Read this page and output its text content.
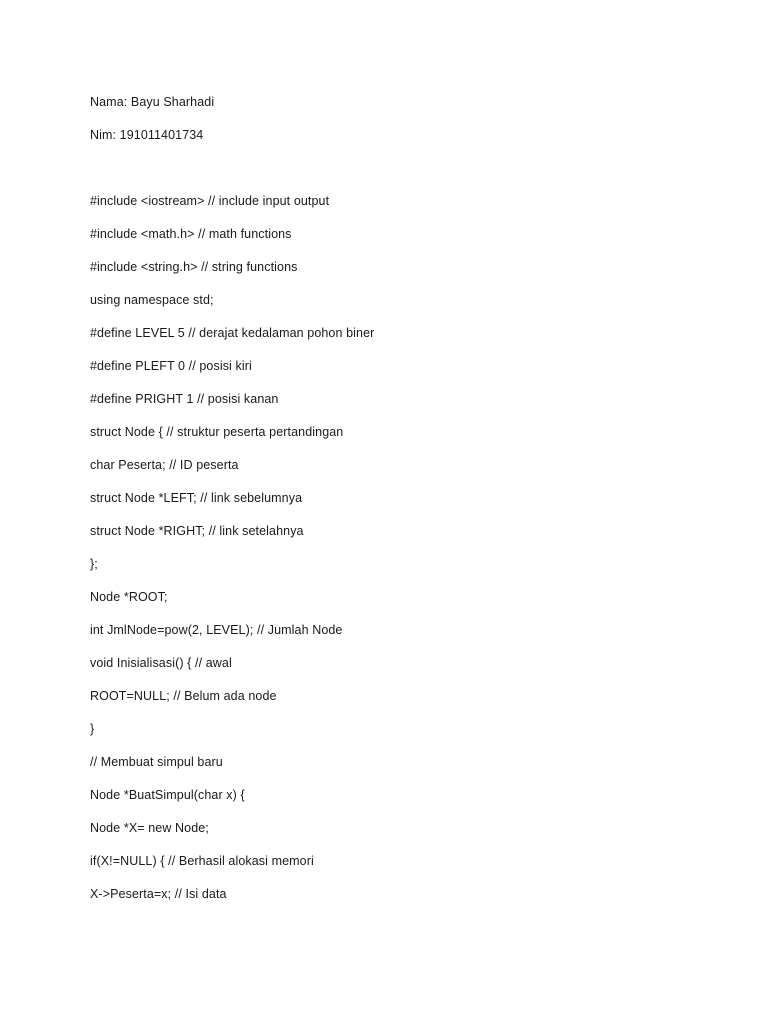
Nama: Bayu Sharhadi
Nim: 191011401734
#include <iostream> // include input output
#include <math.h> // math functions
#include <string.h> // string functions
using namespace std;
#define LEVEL 5 // derajat kedalaman pohon biner
#define PLEFT 0 // posisi kiri
#define PRIGHT 1 // posisi kanan
struct Node { // struktur peserta pertandingan
char Peserta; // ID peserta
struct Node *LEFT; // link sebelumnya
struct Node *RIGHT; // link setelahnya
};
Node *ROOT;
int JmlNode=pow(2, LEVEL); // Jumlah Node
void Inisialisasi() { // awal
ROOT=NULL; // Belum ada node
}
// Membuat simpul baru
Node *BuatSimpul(char x) {
Node *X= new Node;
if(X!=NULL) { // Berhasil alokasi memori
X->Peserta=x; // Isi data
